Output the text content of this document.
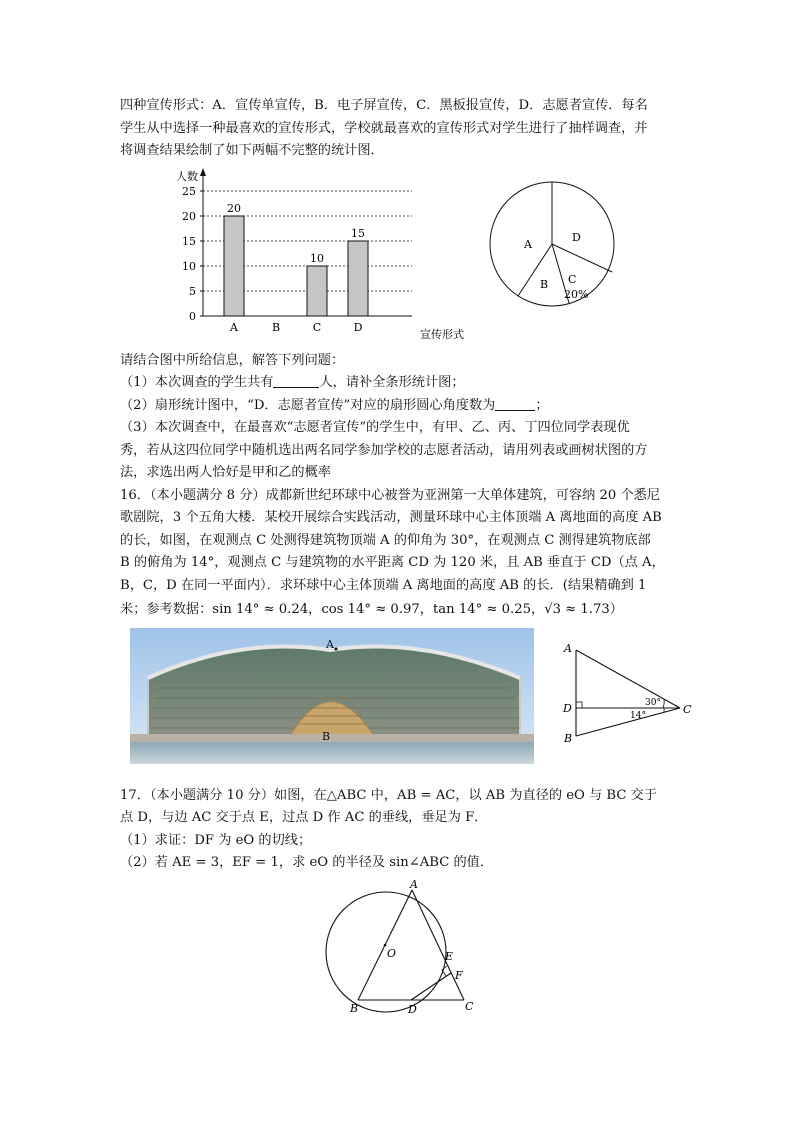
四种宣传形式：A．宣传单宣传，B．电子屏宣传，C．黑板报宣传，D．志愿者宣传．每名
学生从中选择一种最喜欢的宣传形式，学校就最喜欢的宣传形式对学生进行了抽样调查，并
将调查结果绘制了如下两幅不完整的统计图．
人数
宣传形式
0
5
10
15
20
25
20
A	B
10
C
15
D
D
C
20%
B
A
请结合图中所给信息，解答下列问题：
（1）本次调查的学生共有	人，请补全条形统计图；
（2）扇形统计图中，“D．志愿者宣传”对应的扇形圆心角度数为	；
（3）本次调查中，在最喜欢“志愿者宣传”的学生中，有甲、乙、丙、丁四位同学表现优
秀，若从这四位同学中随机选出两名同学参加学校的志愿者活动，请用列表或画树状图的方
法，求选出两人恰好是甲和乙的概率
16．（本小题满分 8 分）成都新世纪环球中心被誉为亚洲第一大单体建筑，可容纳 20 个悉尼
歌剧院，3 个五角大楼．某校开展综合实践活动，测量环球中心主体顶端 A 离地面的高度 AB
的长，如图，在观测点 C 处测得建筑物顶端 A 的仰角为 30°，在观测点 C 测得建筑物底部
B 的俯角为 14°，观测点 C 与建筑物的水平距离 CD 为 120 米，且 AB 垂直于 CD（点 A，
B，C，D 在同一平面内）．求环球中心主体顶端 A 离地面的高度 AB 的长．(结果精确到 1
米；参考数据：sin 14° ≈ 0.24，cos 14° ≈ 0.97，tan 14° ≈ 0.25，√3 ≈ 1.73）
A
B
A
D
B
C
30°
14°
17．（本小题满分 10 分）如图，在△ABC 中，AB = AC，以 AB 为直径的 eO 与 BC 交于
点 D，与边 AC 交于点 E，过点 D 作 AC 的垂线，垂足为 F．
（1）求证：DF 为 eO 的切线；
（2）若 AE = 3，EF = 1，求 eO 的半径及 sin∠ABC 的值．
A
O	E
F
B	D	C
